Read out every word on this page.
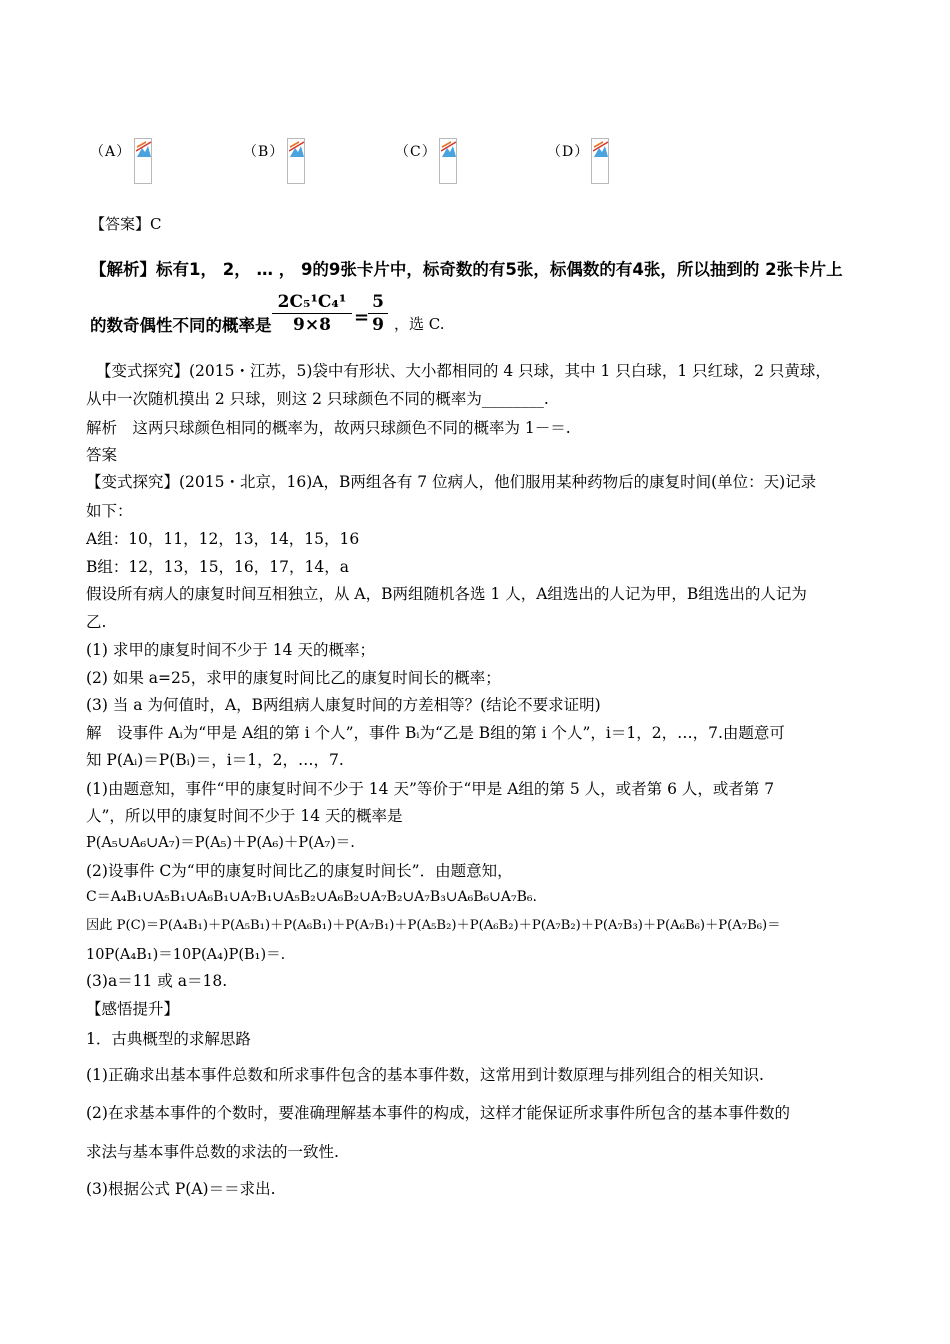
（A）	（B）	（C）	（D）
【答案】C
【解析】标有1， 2， … ， 9的9张卡片中，标奇数的有5张，标偶数的有4张，所以抽到的 2张卡片上
的数奇偶性不同的概率是 $\frac{\text{2C₅¹C₄¹}}{9\times 8}$ =
$\frac{5}{9}$ ，选 C.
【变式探究】(2015・江苏，5)袋中有形状、大小都相同的 4 只球，其中 1 只白球，1 只红球，2 只黄球，
从中一次随机摸出 2 只球，则这 2 只球颜色不同的概率为________.
解析　这两只球颜色相同的概率为，故两只球颜色不同的概率为 1－＝.
答案
【变式探究】(2015・北京，16)A，B两组各有 7 位病人，他们服用某种药物后的康复时间(单位：天)记录
如下：
A组：10，11，12，13，14，15，16
B组：12，13，15，16，17，14，a
假设所有病人的康复时间互相独立，从 A，B两组随机各选 1 人，A组选出的人记为甲，B组选出的人记为
乙.
(1) 求甲的康复时间不少于 14 天的概率；
(2) 如果 a=25，求甲的康复时间比乙的康复时间长的概率；
(3) 当 a 为何值时，A，B两组病人康复时间的方差相等？(结论不要求证明)
解　设事件 Aᵢ为“甲是 A组的第 i 个人”，事件 Bᵢ为“乙是 B组的第 i 个人”，i＝1，2，…，7.由题意可
知 P(Aᵢ)＝P(Bᵢ)＝，i＝1，2，…，7.
(1)由题意知，事件“甲的康复时间不少于 14 天”等价于“甲是 A组的第 5 人，或者第 6 人，或者第 7
人”，所以甲的康复时间不少于 14 天的概率是
P(A₅∪A₆∪A₇)＝P(A₅)＋P(A₆)＋P(A₇)＝.
(2)设事件 C为“甲的康复时间比乙的康复时间长”．由题意知，
C＝A₄B₁∪A₅B₁∪A₆B₁∪A₇B₁∪A₅B₂∪A₆B₂∪A₇B₂∪A₇B₃∪A₆B₆∪A₇B₆.
因此 P(C)＝P(A₄B₁)＋P(A₅B₁)＋P(A₆B₁)＋P(A₇B₁)＋P(A₅B₂)＋P(A₆B₂)＋P(A₇B₂)＋P(A₇B₃)＋P(A₆B₆)＋P(A₇B₆)＝
10P(A₄B₁)＝10P(A₄)P(B₁)＝.
(3)a＝11 或 a＝18.
【感悟提升】
1．古典概型的求解思路
(1)正确求出基本事件总数和所求事件包含的基本事件数，这常用到计数原理与排列组合的相关知识.
(2)在求基本事件的个数时，要准确理解基本事件的构成，这样才能保证所求事件所包含的基本事件数的
求法与基本事件总数的求法的一致性.
(3)根据公式 P(A)＝＝求出.
